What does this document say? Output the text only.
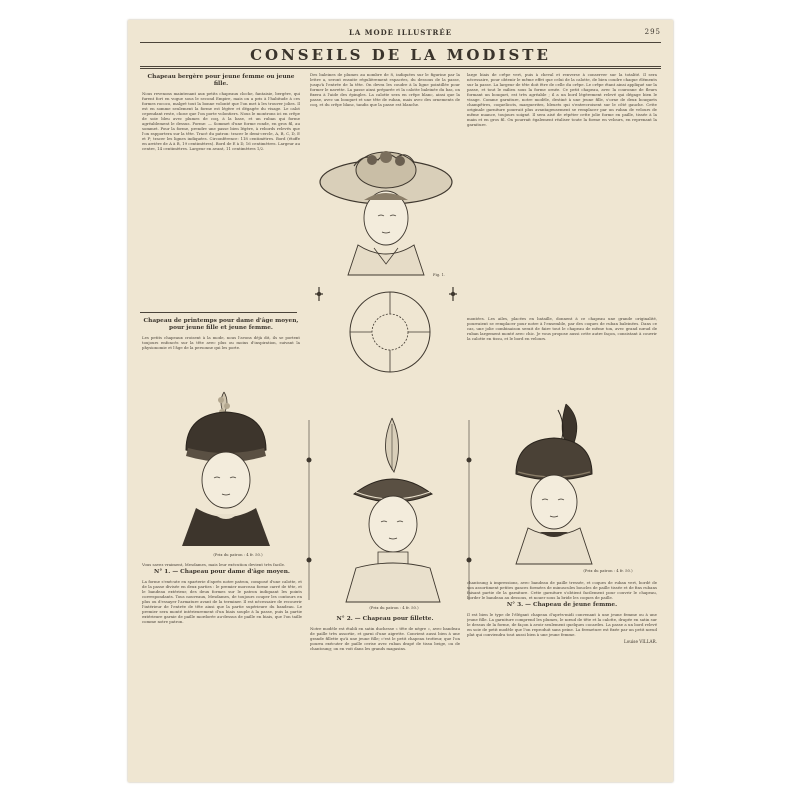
LA MODE ILLUSTRÉE	295
CONSEILS DE LA MODISTE
Chapeau bergère pour jeune femme ou jeune fille.
Nous revenons maintenant aux petits chapeaux cloche, fantaisie, bergère, qui furent fort en vogue sous le second Empire, mais on a pris à l'habitude à ces formes rococo, malgré tout la bonne volonté que l'on met à les trouver jolies. Il est en somme seulement la forme est légère et dégagée du visage. Le calot cependant reste, chose que l'on porte volontiers. Nous le montrons ici en crêpe de soie bleu avec plumes de coq, à la base, et un ruban qui forme agréablement le dessus. Forme: — Sommet d'une forme ronde, en gros fil, au sommet. Pour la forme, prendre une passe bien légère, à rebords relevés que l'on rapportera sur la tête. Tracé du patron: tracer le demi-cercle, A, B, C, D, E et F; tracer les lignes indiquées. Circonférence: 118 centimètres. Bord (étoffe en arrière de A à B, 19 centimètres). Bord de E à D, 16 centimètres. Largeur au centre, 14 centimètres. Largeur en avant, 11 centimètres 1/2.
Des baleines de plumes au nombre de 8, indiquées sur le figurine par la lettre a, seront ensuite régulièrement espacées, du dessous de la passe, jusqu'à l'entrée de la tête. On devra les coudre à la ligne pointillée pour former le navette. La passe ainsi préparée et la calotte baleinée du bas, on fixera à l'aide des épingles. La calotte sera en crêpe blanc, ainsi que la passe, avec un bouquet et une tête de ruban, mais avec des ornements de coq, et du crêpe blanc, tandis que la passe est blanche.
large biais de crêpe vert, puis à cheval et renverse à conserver sur la totalité. Il sera nécessaire, pour obtenir le même effet que celui de la calotte, de bien coudre chaque éléments sur la passe. La largeur de tête doit être de celle du crêpe. Le crêpe étant ainsi appliqué sur la passe, et tout le milieu sous la forme ornée. Ce petit chapeau, avec la couronne de fleurs formant un bouquet, est très agréable ; il a un bord légèrement relevé qui dégage bien le visage. Comme garniture, notre modèle, destiné à une jeune fille, s'orne de deux bouquets champêtres, coquelicots, marguerites, bleuets qui s'entrecroisent sur le côté gauche. Cette originale garniture pourrait plus avantageusement se remplacer par un ruban de velours de même nuance, toujours soigné. Il sera aisé de répéter cette jolie forme en paille, tissée à la main et en gros fil. On pourrait également réaliser toute la forme en velours, en reprenant la garniture.
Fig. 1.
Chapeau de printemps pour dame d'âge moyen, pour jeune fille et jeune femme.
Les petits chapeaux croisent à la mode, nous l'avons déjà dit, ils se portent toujours enfoncés sur la tête avec plus ou moins d'inspiration, suivant la physionomie et l'âge de la personne qui les porte.
montées. Les ailes, placées en bataille, donnent à ce chapeau une grande originalité, pourraient se remplacer pour notre à l'ensemble, par des coques de ruban baleinées. Dans ce cas, une jolie combinaison serait de faire tout le chapeau de même ton, avec grand nœud de ruban largement monté avec chic. Je vous propose aussi cette autre façon, consistant à couvrir la calotte en tissu, et le bord en velours.
(Prix du patron : 4 fr. 50.)
(Prix du patron : 4 fr. 50.)
(Prix du patron : 4 fr. 50.)
Vous savez vraiment, Mesdames, mais leur exécution devient très facile.
N° 1. — Chapeau pour dame d'âge moyen.
La forme s'exécute en sparterie d'après notre patron, composé d'une calotte, et de la passe divisée en deux parties : le premier morceau forme carré de tête, et le bandeau extérieur, des deux formes sur le patron indiquant les points correspondants. Tous nouveaux, Mesdames, de toujours couper les contours en plus ou d'essayer l'armature avant de la terminer. Il est nécessaire de recouvrir l'intérieur de l'entrée de tête ainsi que la partie supérieure du bandeau. Le premier sera monté intérieurement d'un biais souple à la passe, puis la partie extérieure garnie de paille mordorée au-dessus de paille en biais, que l'on taille comme notre patron.	N° 2. — Chapeau pour fillette.
Notre modèle est établi en satin duchesse « tête de nègre », avec bandeau de paille très assortie, et garni d'une aigrette. Convient aussi bien à une grande fillette qu'à une jeune fille; c'est le petit chapeau trotteur, que l'on pourra exécuter de paille cerise avec ruban drapé de tissu beige, ou de chantoung; on en voit dans les grands magasins.
chantoung à impressions, avec bandeau de paille tressée, et coques de ruban vert, bordé de son assortiment petites gances formées de minuscules boucles de paille tissée et de fins rubans faisant partie de la garniture. Cette garniture s'obtient facilement pour couvrir le chapeau, border le bandeau au dessous, et nouer sous la bride les coques de paille.
N° 3. — Chapeau de jeune femme.
Il est bien le type de l'élégant chapeau d'après-midi convenant à une jeune femme ou à une jeune fille. La garniture comprend les plumes, le nœud de tête et la calotte, drapée en satin sur le dessus de la forme, de façon à avoir seulement quelques cocardes. La passe a un bord relevé en soie de petit modèle que l'on reproduit sans peine. La fermeture est fixée par un petit nœud plat qui conviendra tout aussi bien à une jeune femme.
Louise VILLAR.
